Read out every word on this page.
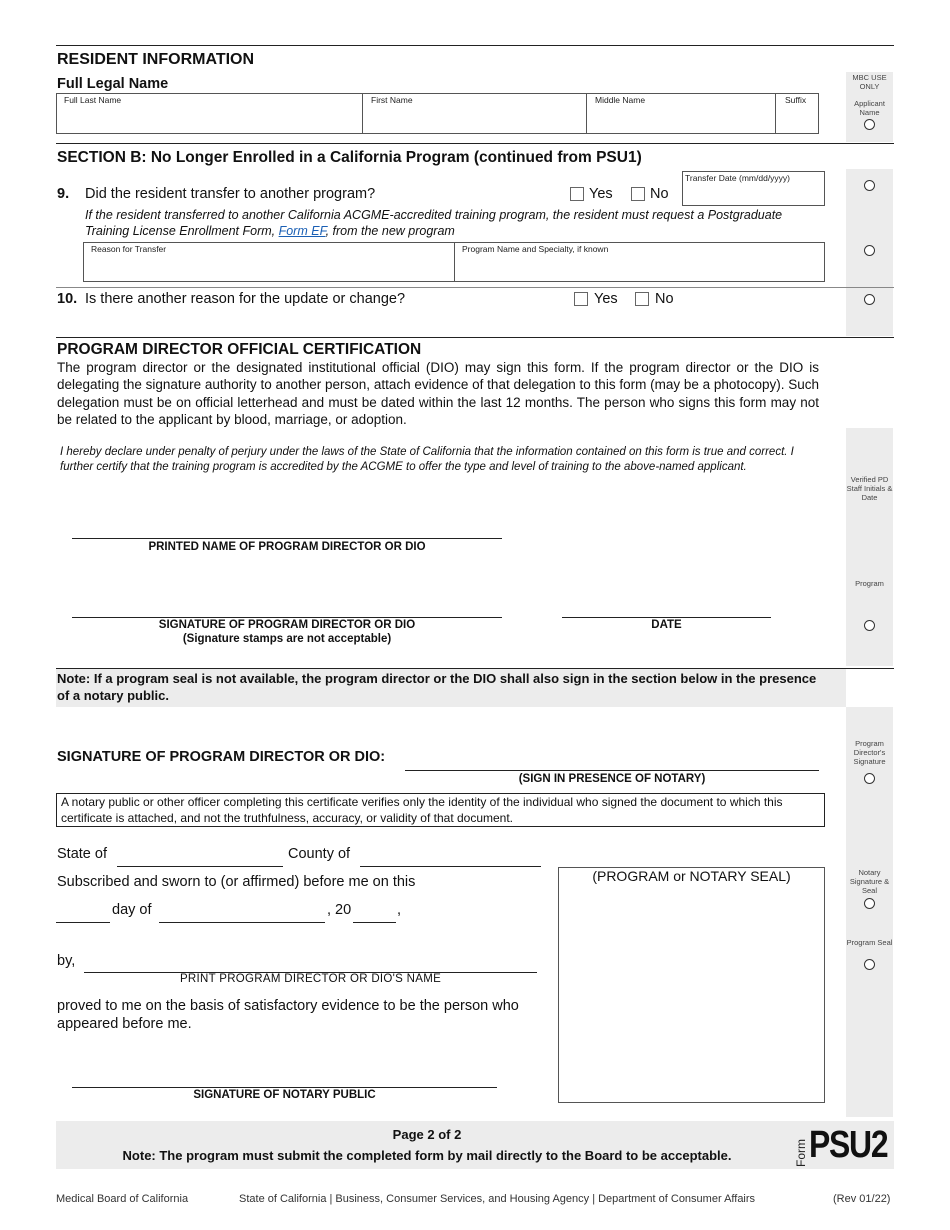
MBC USE ONLY
Applicant Name
Verified PD Staff Initials & Date
Program
Program Director's Signature
Notary Signature & Seal
Program Seal
RESIDENT INFORMATION
Full Legal Name
Full Last Name	First Name	Middle Name	Suffix
SECTION B: No Longer Enrolled in a California Program (continued from PSU1)
9. Did the resident transfer to another program?	Yes	No
Transfer Date (mm/dd/yyyy)
If the resident transferred to another California ACGME-accredited training program, the resident must request a Postgraduate Training License Enrollment Form, Form EF, from the new program
Reason for Transfer	Program Name and Specialty, if known
10. Is there another reason for the update or change?	Yes	No
PROGRAM DIRECTOR OFFICIAL CERTIFICATION
The program director or the designated institutional official (DIO) may sign this form. If the program director or the DIO is delegating the signature authority to another person, attach evidence of that delegation to this form (may be a photocopy). Such delegation must be on official letterhead and must be dated within the last 12 months. The person who signs this form may not be related to the applicant by blood, marriage, or adoption.
I hereby declare under penalty of perjury under the laws of the State of California that the information contained on this form is true and correct. I further certify that the training program is accredited by the ACGME to offer the type and level of training to the above-named applicant.
PRINTED NAME OF PROGRAM DIRECTOR OR DIO
SIGNATURE OF PROGRAM DIRECTOR OR DIO
(Signature stamps are not acceptable)
DATE
Note: If a program seal is not available, the program director or the DIO shall also sign in the section below in the presence of a notary public.
SIGNATURE OF PROGRAM DIRECTOR OR DIO:
(SIGN IN PRESENCE OF NOTARY)
A notary public or other officer completing this certificate verifies only the identity of the individual who signed the document to which this certificate is attached, and not the truthfulness, accuracy, or validity of that document.
State of	County of
Subscribed and sworn to (or affirmed) before me on this
day of	, 20	,
by,
PRINT PROGRAM DIRECTOR OR DIO'S NAME
proved to me on the basis of satisfactory evidence to be the person who appeared before me.
SIGNATURE OF NOTARY PUBLIC
(PROGRAM or NOTARY SEAL)
Page 2 of 2
Note: The program must submit the completed form by mail directly to the Board to be acceptable.	Form PSU2
Medical Board of California	State of California | Business, Consumer Services, and Housing Agency | Department of Consumer Affairs	(Rev 01/22)
